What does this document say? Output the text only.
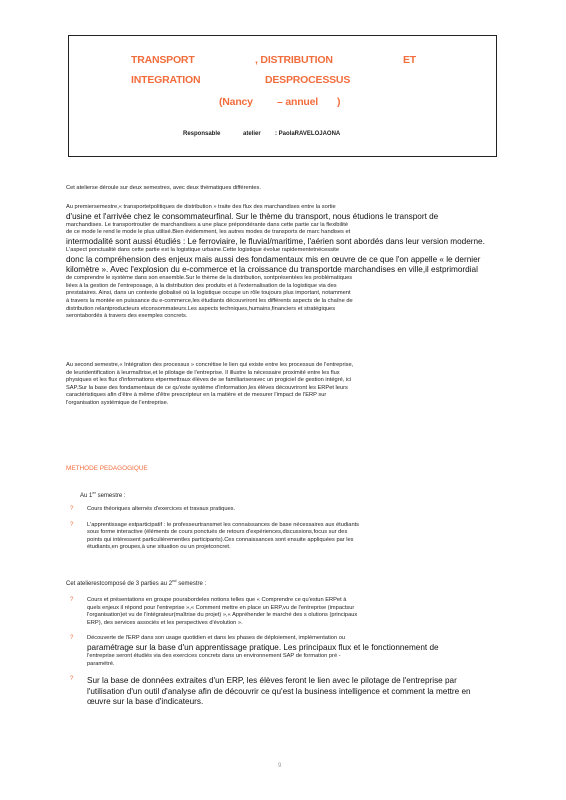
TRANSPORT	, DISTRIBUTION	ET
INTEGRATION	DESPROCESSUS
(Nancy – annuel )
Responsable	atelier : PaolaRAVELOJAONA
Cet atelierse déroule sur deux semestres, avec deux thématiques différentes.
Au premiersemestre,« transportetpolitiques de distribution » traite des flux des marchandises entre la sortie
d'usine et l'arrivée chez le consommateurfinal. Sur le thème du transport, nous étudions le transport de
marchandises. Le transportroutier de marchandises a une place prépondérante dans cette partie car la flexibilité
de ce mode le rend le mode le plus utilisé.Bien évidemment, les autres modes de transports de marc handises et
intermodalité sont aussi étudiés : Le ferroviaire, le fluvial/maritime, l'aérien sont abordés dans leur version moderne.
L'aspect ponctualité dans cette partie est la logistique urbaine.Cette logistique évolue rapidementetnécessite
donc la compréhension des enjeux mais aussi des fondamentaux mis en œuvre de ce que l'on appelle « le dernier
kilomètre ». Avec l'explosion du e-commerce et la croissance du transportde marchandises en ville,il estprimordial
de comprendre le système dans son ensemble.Sur le thème de la distribution, sontprésentées les problématiques
liées à la gestion de l'entreposage, à la distribution des produits et à l'externalisation de la logistique via des
prestataires. Ainsi, dans un contexte globalisé où la logistique occupe un rôle toujours plus important, notamment
à travers la montée en puissance du e-commerce,les étudiants découvriront les différents aspects de la chaîne de
distribution relantproducteurs etconsommateurs.Les aspects techniques,humains,financiers et stratégiques
serontabordés à travers des exemples concrets.
Au second semestre,« Intégration des processus » concrétise le lien qui existe entre les processus de l'entreprise,
de leuridentification à leurmaîtrise,et le pilotage de l'entreprise. Il illustre la nécessaire proximité entre les flux
physiques et les flux d'informations etpermettraux élèves de se familiariseravec un progiciel de gestion intégré, ici
SAP.Sur la base des fondamentaux de ce qu'este système d'information,les élèves découvriront les ERPet leurs
caractéristiques afin d'être à même d'être prescripteur en la matière et de mesurer l'impact de l'ERP sur
l'organisation systémique de l'entreprise.
METHODE PEDAGOGIQUE
Au 1er semestre :
? Cours théoriques alternés d'exercices et travaux pratiques.
? L'apprentissage estparticipatif : le professeurtransmet les connaissances de base nécessaires aux étudiants
sous forme interactive (éléments de cours ponctués de retours d'expériences,discussions,focus sur des
points qui intéressent particulièrementles participants).Ces connaissances sont ensuite appliquées par les
étudiants,en groupes,à une situation ou un projetconcret.
Cet atelierestcomposé de 3 parties au 2nd semestre :
? Cours et présentations en groupe pourabordeles notions telles que « Comprendre ce qu'estun ERPet à
quels enjeux il répond pour l'entreprise »,« Comment mettre en place un ERP,vu de l'entreprise (impactsur
l'organisation)et vu de l'intégrateur(maîtrise du projet) »,« Appréhender le marché des s olutions (principaux
ERP), des services associés et les perspectives d'évolution ».
? Découverte de l'ERP dans son usage quotidien et dans les phases de déploiement, implémentation ou
paramétrage sur la base d'un apprentissage pratique. Les principaux flux et le fonctionnement de
l'entreprise seront étudiés via des exercices concrets dans un environnement SAP de formation pré -
paramétré.
? Sur la base de données extraites d'un ERP, les élèves feront le lien avec le pilotage de l'entreprise par
l'utilisation d'un outil d'analyse afin de découvrir ce qu'est la business intelligence et comment la mettre en
œuvre sur la base d'indicateurs.
9
